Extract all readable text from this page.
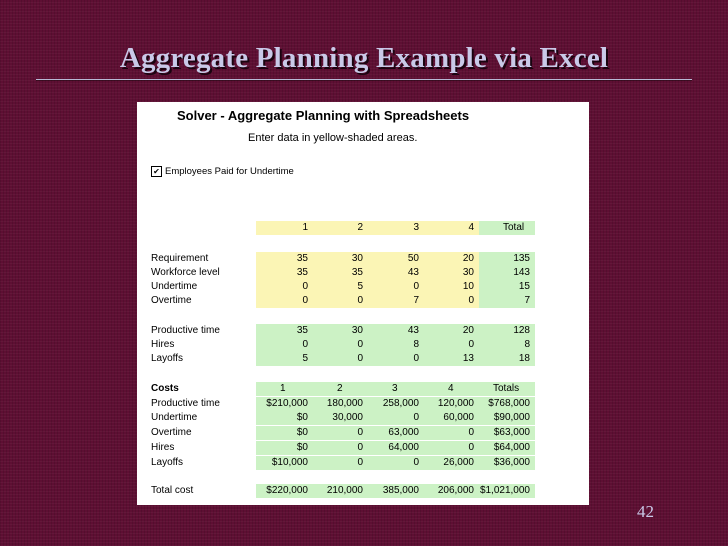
Aggregate Planning Example via Excel
Solver - Aggregate Planning with Spreadsheets
Enter data in yellow-shaded areas.
✔ Employees Paid for Undertime
1	2	3	4	Total
Requirement	35	30	50	20	135
Workforce level	35	35	43	30	143
Undertime	0	5	0	10	15
Overtime	0	0	7	0	7
Productive time	35	30	43	20	128
Hires	0	0	8	0	8
Layoffs	5	0	0	13	18
Costs	1	2	3	4	Totals
Productive time	$210,000	180,000	258,000	120,000	$768,000
Undertime	$0	30,000	0	60,000	$90,000
Overtime	$0	0	63,000	0	$63,000
Hires	$0	0	64,000	0	$64,000
Layoffs	$10,000	0	0	26,000	$36,000
Total cost	$220,000	210,000	385,000	206,000 $1,021,000
42
